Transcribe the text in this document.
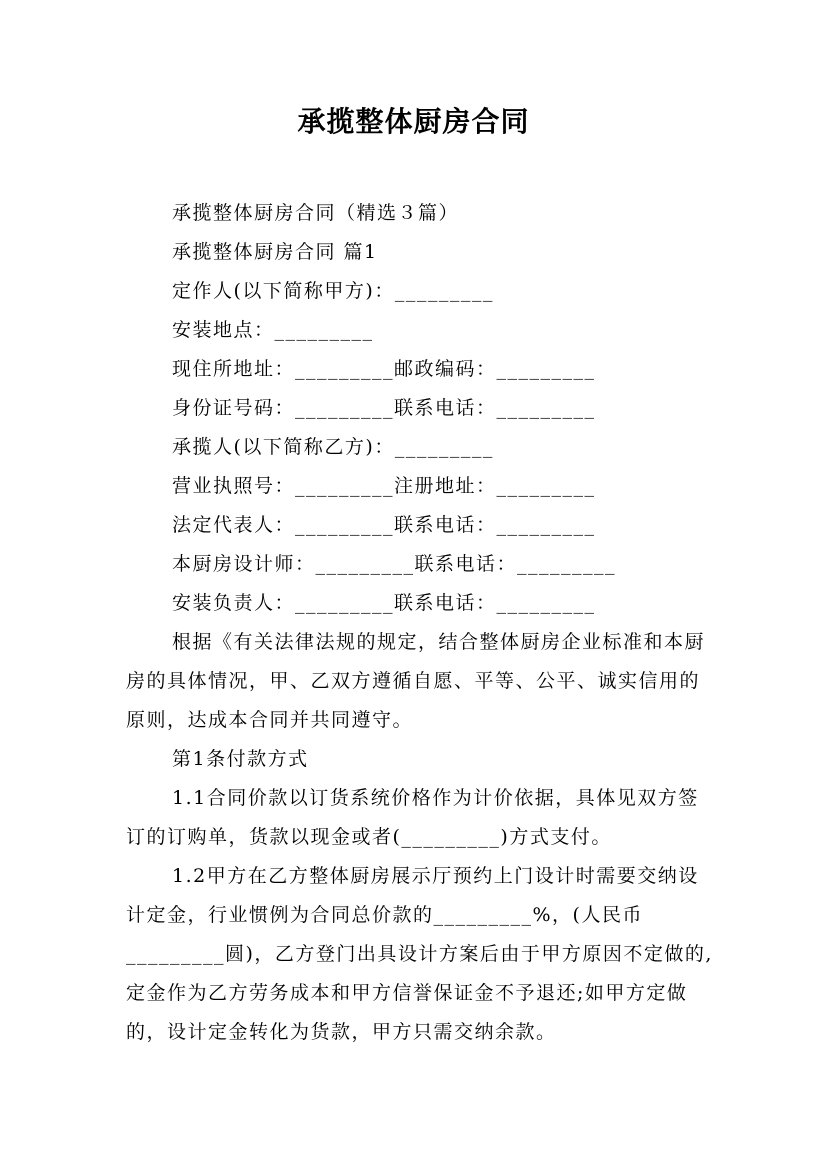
承揽整体厨房合同

承揽整体厨房合同（精选３篇）

承揽整体厨房合同 篇1

定作人(以下简称甲方)：_________

安装地点：_________

现住所地址：_________邮政编码：_________

身份证号码：_________联系电话：_________

承揽人(以下简称乙方)：_________

营业执照号：_________注册地址：_________

法定代表人：_________联系电话：_________

本厨房设计师：_________联系电话：_________

安装负责人：_________联系电话：_________

根据《有关法律法规的规定，结合整体厨房企业标准和本厨房的具体情况，甲、乙双方遵循自愿、平等、公平、诚实信用的原则，达成本合同并共同遵守。

第1条付款方式

1.1合同价款以订货系统价格作为计价依据，具体见双方签订的订购单，货款以现金或者(_________)方式支付。

1.2甲方在乙方整体厨房展示厅预约上门设计时需要交纳设计定金，行业惯例为合同总价款的_________%，(人民币_________圆)，乙方登门出具设计方案后由于甲方原因不定做的,定金作为乙方劳务成本和甲方信誉保证金不予退还;如甲方定做的，设计定金转化为货款，甲方只需交纳余款。
